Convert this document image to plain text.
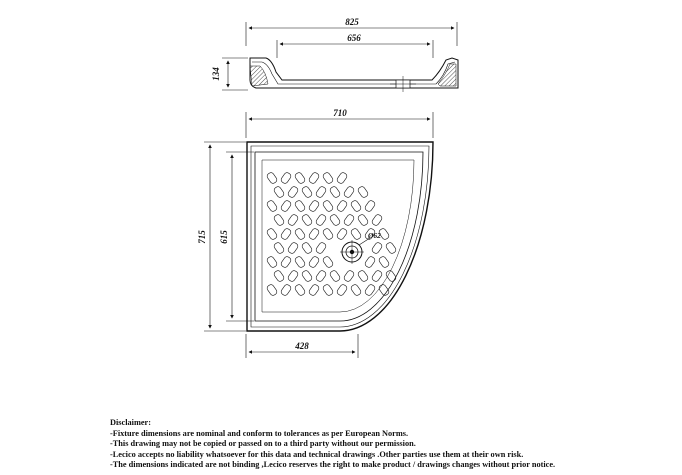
825
656
134
710
715 615
428
Ø62
Disclaimer:
-Fixture dimensions are nominal and conform to tolerances as per European Norms.
-This drawing may not be copied or passed on to a third party without our permission.
-Lecico accepts no liability whatsoever for this data and technical drawings .Other parties use them at their own risk.
-The dimensions indicated are not binding ,Lecico reserves the right to make product / drawings changes without prior notice.
